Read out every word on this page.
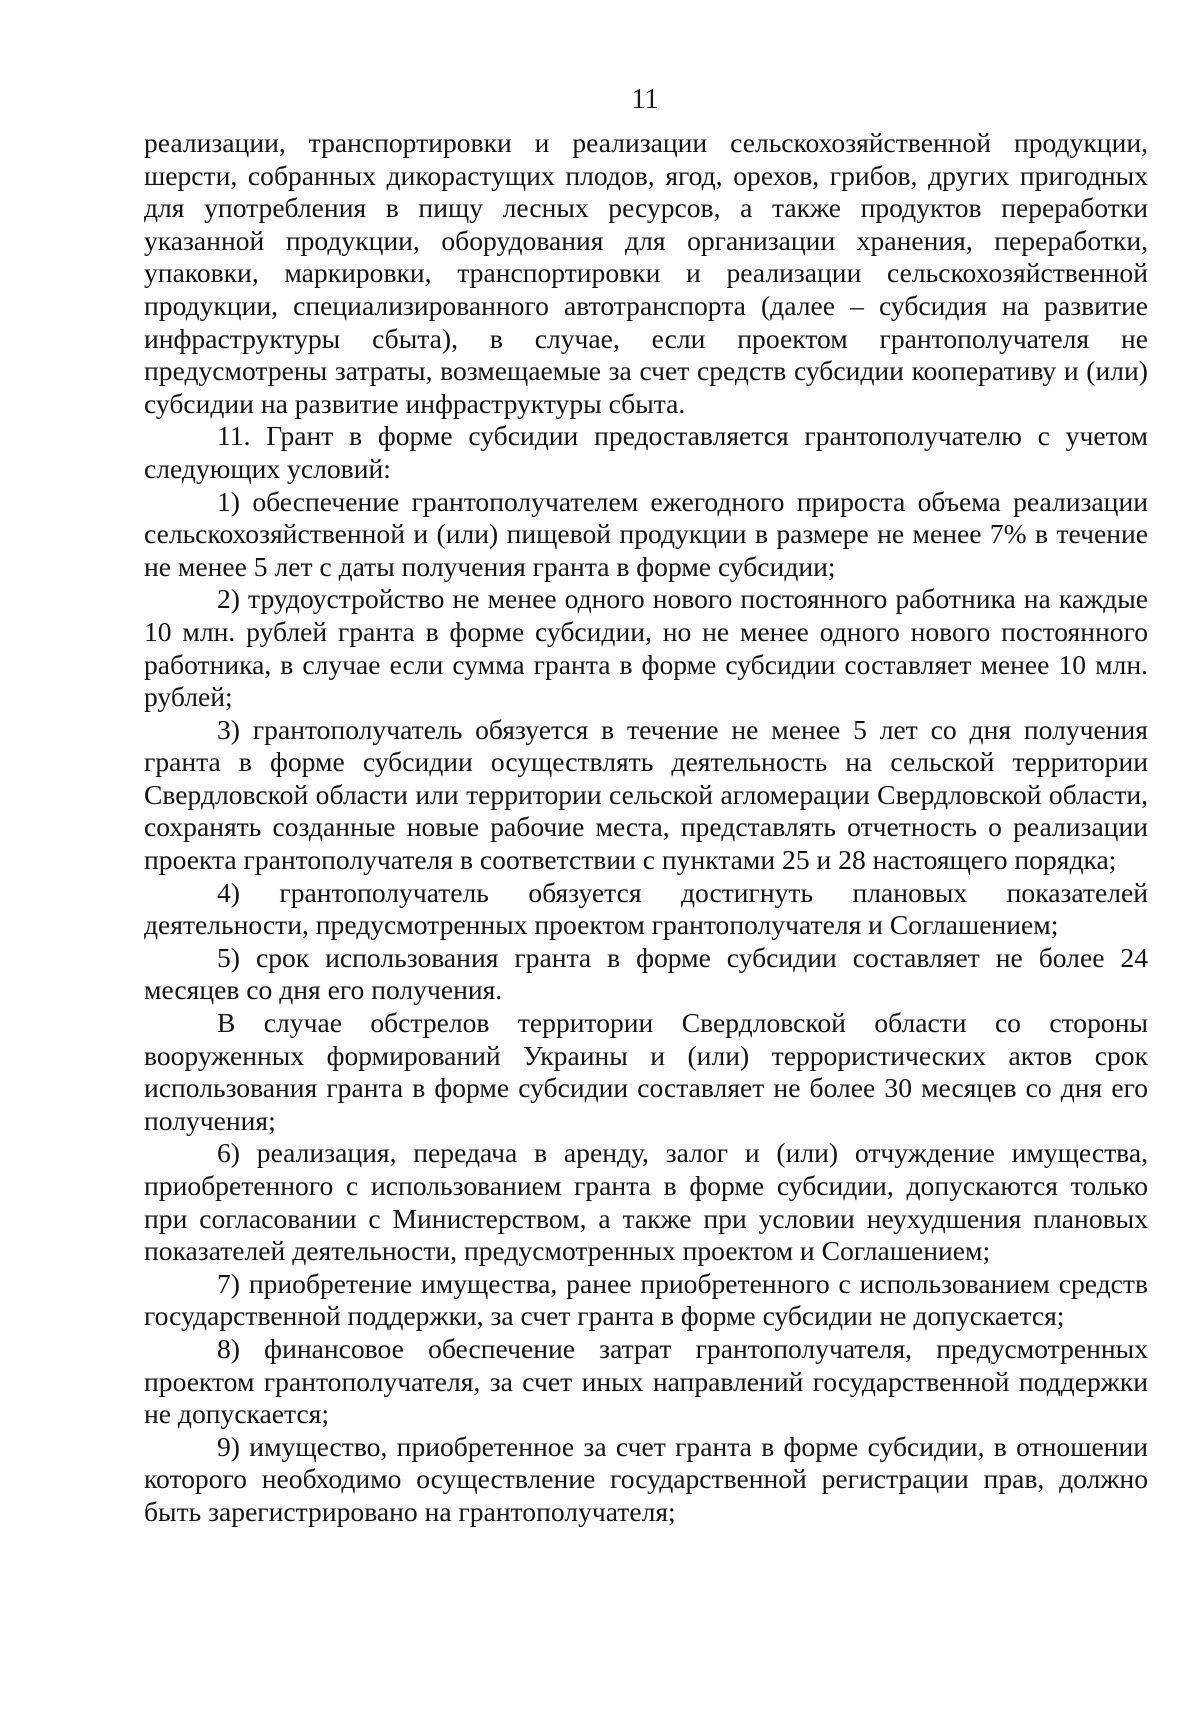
11

реализации, транспортировки и реализации сельскохозяйственной продукции, шерсти, собранных дикорастущих плодов, ягод, орехов, грибов, других пригодных для употребления в пищу лесных ресурсов, а также продуктов переработки указанной продукции, оборудования для организации хранения, переработки, упаковки, маркировки, транспортировки и реализации сельскохозяйственной продукции, специализированного автотранспорта (далее – субсидия на развитие инфраструктуры сбыта), в случае, если проектом грантополучателя не предусмотрены затраты, возмещаемые за счет средств субсидии кооперативу и (или) субсидии на развитие инфраструктуры сбыта.

11. Грант в форме субсидии предоставляется грантополучателю с учетом следующих условий:

1) обеспечение грантополучателем ежегодного прироста объема реализации сельскохозяйственной и (или) пищевой продукции в размере не менее 7% в течение не менее 5 лет с даты получения гранта в форме субсидии;

2) трудоустройство не менее одного нового постоянного работника на каждые 10 млн. рублей гранта в форме субсидии, но не менее одного нового постоянного работника, в случае если сумма гранта в форме субсидии составляет менее 10 млн. рублей;

3) грантополучатель обязуется в течение не менее 5 лет со дня получения гранта в форме субсидии осуществлять деятельность на сельской территории Свердловской области или территории сельской агломерации Свердловской области, сохранять созданные новые рабочие места, представлять отчетность о реализации проекта грантополучателя в соответствии с пунктами 25 и 28 настоящего порядка;

4) грантополучатель обязуется достигнуть плановых показателей деятельности, предусмотренных проектом грантополучателя и Соглашением;

5) срок использования гранта в форме субсидии составляет не более 24 месяцев со дня его получения.

В случае обстрелов территории Свердловской области со стороны вооруженных формирований Украины и (или) террористических актов срок использования гранта в форме субсидии составляет не более 30 месяцев со дня его получения;

6) реализация, передача в аренду, залог и (или) отчуждение имущества, приобретенного с использованием гранта в форме субсидии, допускаются только при согласовании с Министерством, а также при условии неухудшения плановых показателей деятельности, предусмотренных проектом и Соглашением;

7) приобретение имущества, ранее приобретенного с использованием средств государственной поддержки, за счет гранта в форме субсидии не допускается;

8) финансовое обеспечение затрат грантополучателя, предусмотренных проектом грантополучателя, за счет иных направлений государственной поддержки не допускается;

9) имущество, приобретенное за счет гранта в форме субсидии, в отношении которого необходимо осуществление государственной регистрации прав, должно быть зарегистрировано на грантополучателя;
